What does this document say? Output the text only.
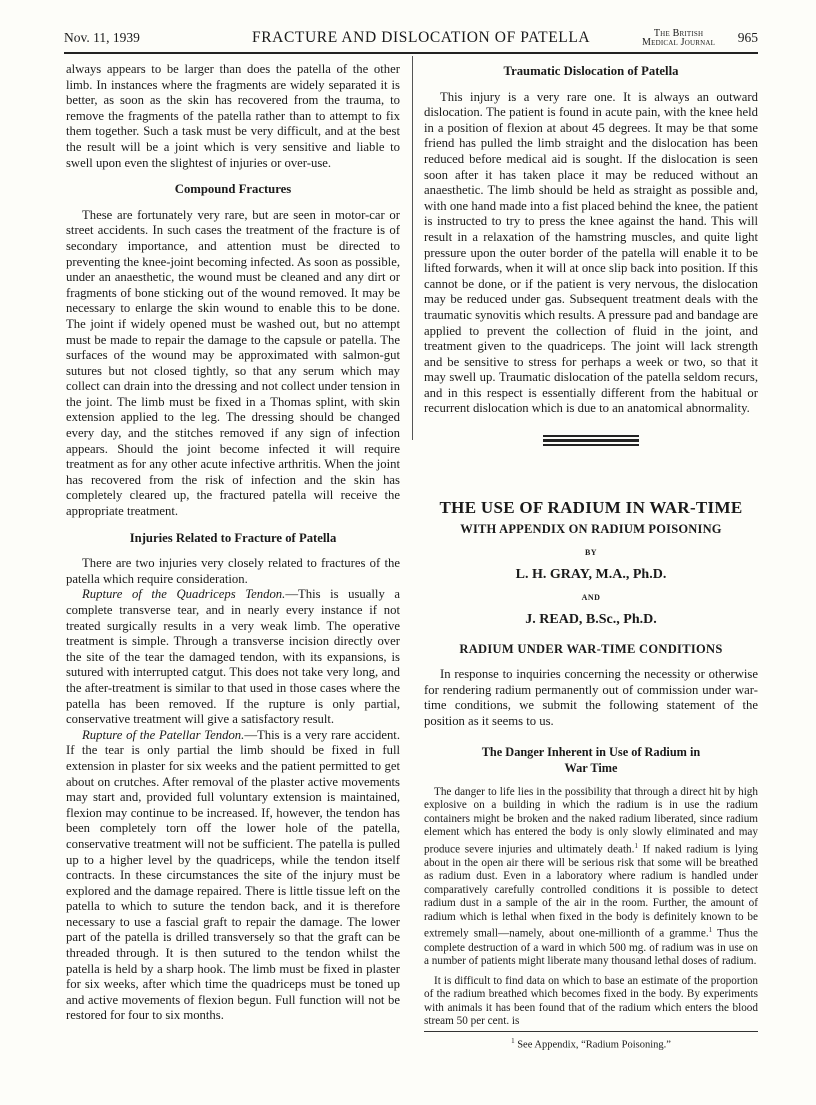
Nov. 11, 1939	FRACTURE AND DISLOCATION OF PATELLA	The British
Medical Journal 965

always appears to be larger than does the patella of the other limb. In instances where the fragments are widely separated it is better, as soon as the skin has recovered from the trauma, to remove the fragments of the patella rather than to attempt to fix them together. Such a task must be very difficult, and at the best the result will be a joint which is very sensitive and liable to swell upon even the slightest of injuries or over-use.

Compound Fractures

These are fortunately very rare, but are seen in motor-car or street accidents. In such cases the treatment of the fracture is of secondary importance, and attention must be directed to preventing the knee-joint becoming infected. As soon as possible, under an anaesthetic, the wound must be cleaned and any dirt or fragments of bone sticking out of the wound removed. It may be necessary to enlarge the skin wound to enable this to be done. The joint if widely opened must be washed out, but no attempt must be made to repair the damage to the capsule or patella. The surfaces of the wound may be approximated with salmon-gut sutures but not closed tightly, so that any serum which may collect can drain into the dressing and not collect under tension in the joint. The limb must be fixed in a Thomas splint, with skin extension applied to the leg. The dressing should be changed every day, and the stitches removed if any sign of infection appears. Should the joint become infected it will require treatment as for any other acute infective arthritis. When the joint has recovered from the risk of infection and the skin has completely cleared up, the fractured patella will receive the appropriate treatment.

Injuries Related to Fracture of Patella

There are two injuries very closely related to fractures of the patella which require consideration.

Rupture of the Quadriceps Tendon.—This is usually a complete transverse tear, and in nearly every instance if not treated surgically results in a very weak limb. The operative treatment is simple. Through a transverse incision directly over the site of the tear the damaged tendon, with its expansions, is sutured with interrupted catgut. This does not take very long, and the after-treatment is similar to that used in those cases where the patella has been removed. If the rupture is only partial, conservative treatment will give a satisfactory result.

Rupture of the Patellar Tendon.—This is a very rare accident. If the tear is only partial the limb should be fixed in full extension in plaster for six weeks and the patient permitted to get about on crutches. After removal of the plaster active movements may start and, provided full voluntary extension is maintained, flexion may continue to be increased. If, however, the tendon has been completely torn off the lower hole of the patella, conservative treatment will not be sufficient. The patella is pulled up to a higher level by the quadriceps, while the tendon itself contracts. In these circumstances the site of the injury must be explored and the damage repaired. There is little tissue left on the patella to which to suture the tendon back, and it is therefore necessary to use a fascial graft to repair the damage. The lower part of the patella is drilled transversely so that the graft can be threaded through. It is then sutured to the tendon whilst the patella is held by a sharp hook. The limb must be fixed in plaster for six weeks, after which time the quadriceps must be toned up and active movements of flexion begun. Full function will not be restored for four to six months.

Traumatic Dislocation of Patella

This injury is a very rare one. It is always an outward dislocation. The patient is found in acute pain, with the knee held in a position of flexion at about 45 degrees. It may be that some friend has pulled the limb straight and the dislocation has been reduced before medical aid is sought. If the dislocation is seen soon after it has taken place it may be reduced without an anaesthetic. The limb should be held as straight as possible and, with one hand made into a fist placed behind the knee, the patient is instructed to try to press the knee against the hand. This will result in a relaxation of the hamstring muscles, and quite light pressure upon the outer border of the patella will enable it to be lifted forwards, when it will at once slip back into position. If this cannot be done, or if the patient is very nervous, the dislocation may be reduced under gas. Subsequent treatment deals with the traumatic synovitis which results. A pressure pad and bandage are applied to prevent the collection of fluid in the joint, and treatment given to the quadriceps. The joint will lack strength and be sensitive to stress for perhaps a week or two, so that it may swell up. Traumatic dislocation of the patella seldom recurs, and in this respect is essentially different from the habitual or recurrent dislocation which is due to an anatomical abnormality.

THE USE OF RADIUM IN WAR-TIME
WITH APPENDIX ON RADIUM POISONING
BY
L. H. GRAY, M.A., Ph.D.
AND
J. READ, B.Sc., Ph.D.
RADIUM UNDER WAR-TIME CONDITIONS

In response to inquiries concerning the necessity or otherwise for rendering radium permanently out of commission under war-time conditions, we submit the following statement of the position as it seems to us.

The Danger Inherent in Use of Radium in
War Time

The danger to life lies in the possibility that through a direct hit by high explosive on a building in which the radium is in use the radium containers might be broken and the naked radium liberated, since radium element which has entered the body is only slowly eliminated and may produce severe injuries and ultimately death.$^1$ If naked radium is lying about in the open air there will be serious risk that some will be breathed as radium dust. Even in a laboratory where radium is handled under comparatively carefully controlled conditions it is possible to detect radium dust in a sample of the air in the room. Further, the amount of radium which is lethal when fixed in the body is definitely known to be extremely small—namely, about one-millionth of a gramme.$^1$ Thus the complete destruction of a ward in which 500 mg. of radium was in use on a number of patients might liberate many thousand lethal doses of radium.

It is difficult to find data on which to base an estimate of the proportion of the radium breathed which becomes fixed in the body. By experiments with animals it has been found that of the radium which enters the blood stream 50 per cent. is

$^1$ See Appendix, “Radium Poisoning.”
